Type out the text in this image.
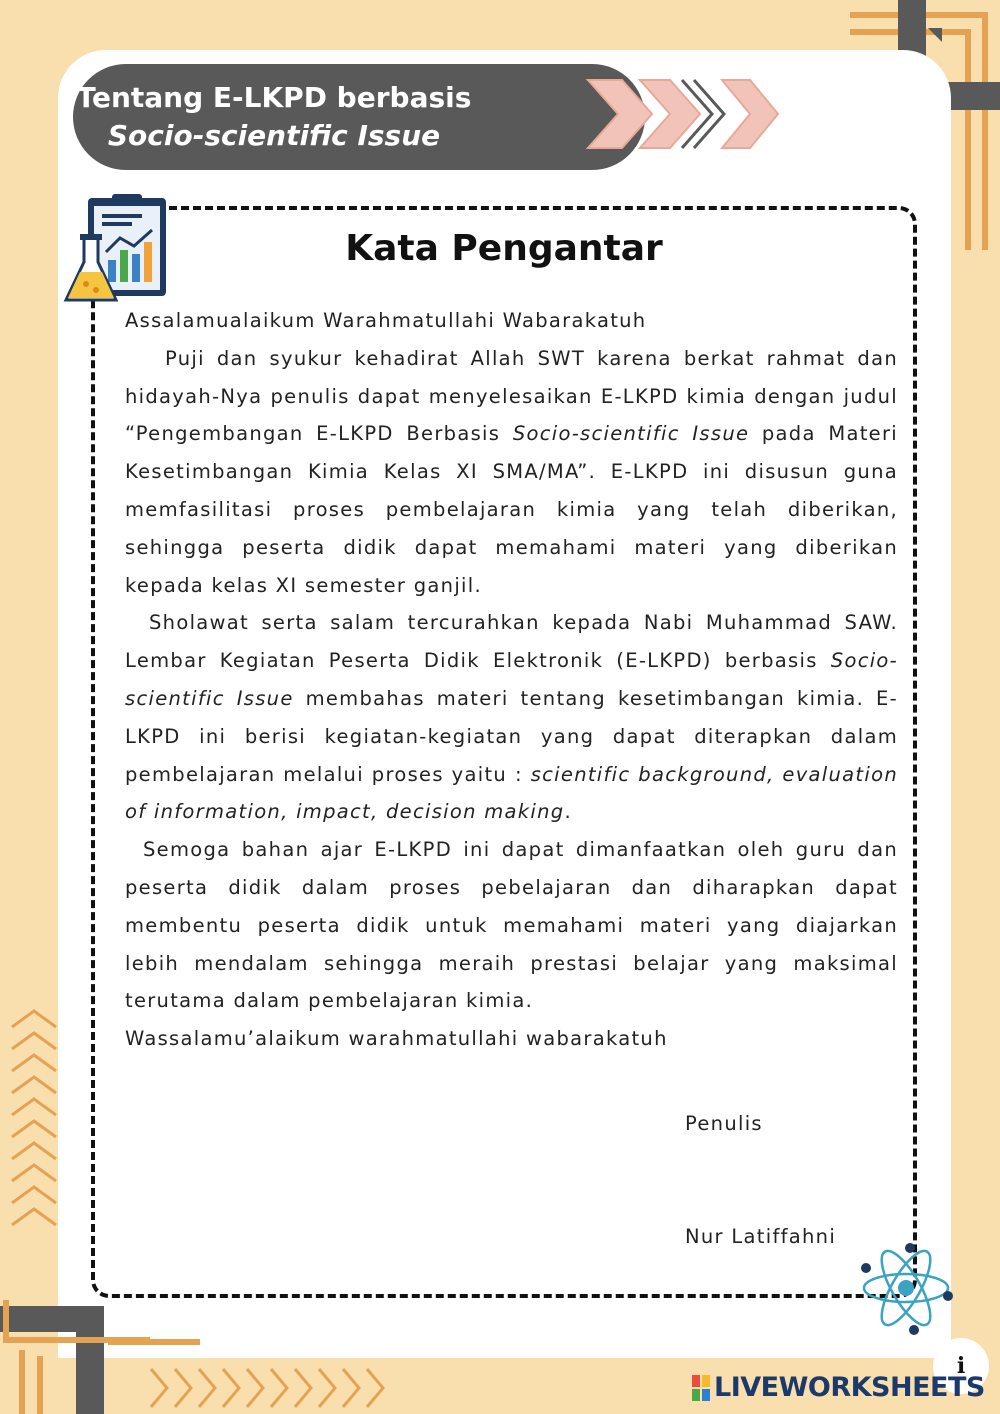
Tentang E-LKPD berbasis
Socio-scientific Issue
Kata Pengantar

Assalamualaikum Warahmatullahi Wabarakatuh

Puji dan syukur kehadirat Allah SWT karena berkat rahmat dan hidayah-Nya penulis dapat menyelesaikan E-LKPD kimia dengan judul “Pengembangan E-LKPD Berbasis Socio-scientific Issue pada Materi Kesetimbangan Kimia Kelas XI SMA/MA”. E-LKPD ini disusun guna memfasilitasi proses pembelajaran kimia yang telah diberikan, sehingga peserta didik dapat memahami materi yang diberikan kepada kelas XI semester ganjil.

Sholawat serta salam tercurahkan kepada Nabi Muhammad SAW. Lembar Kegiatan Peserta Didik Elektronik (E-LKPD) berbasis Socio-scientific Issue membahas materi tentang kesetimbangan kimia. E-LKPD ini berisi kegiatan-kegiatan yang dapat diterapkan dalam pembelajaran melalui proses yaitu : scientific background, evaluation of information, impact, decision making.

Semoga bahan ajar E-LKPD ini dapat dimanfaatkan oleh guru dan peserta didik dalam proses pebelajaran dan diharapkan dapat membentu peserta didik untuk memahami materi yang diajarkan lebih mendalam sehingga meraih prestasi belajar yang maksimal terutama dalam pembelajaran kimia.

Wassalamu’alaikum warahmatullahi wabarakatuh

Penulis
Nur Latiffahni
i
LIVEWORKSHEETS
